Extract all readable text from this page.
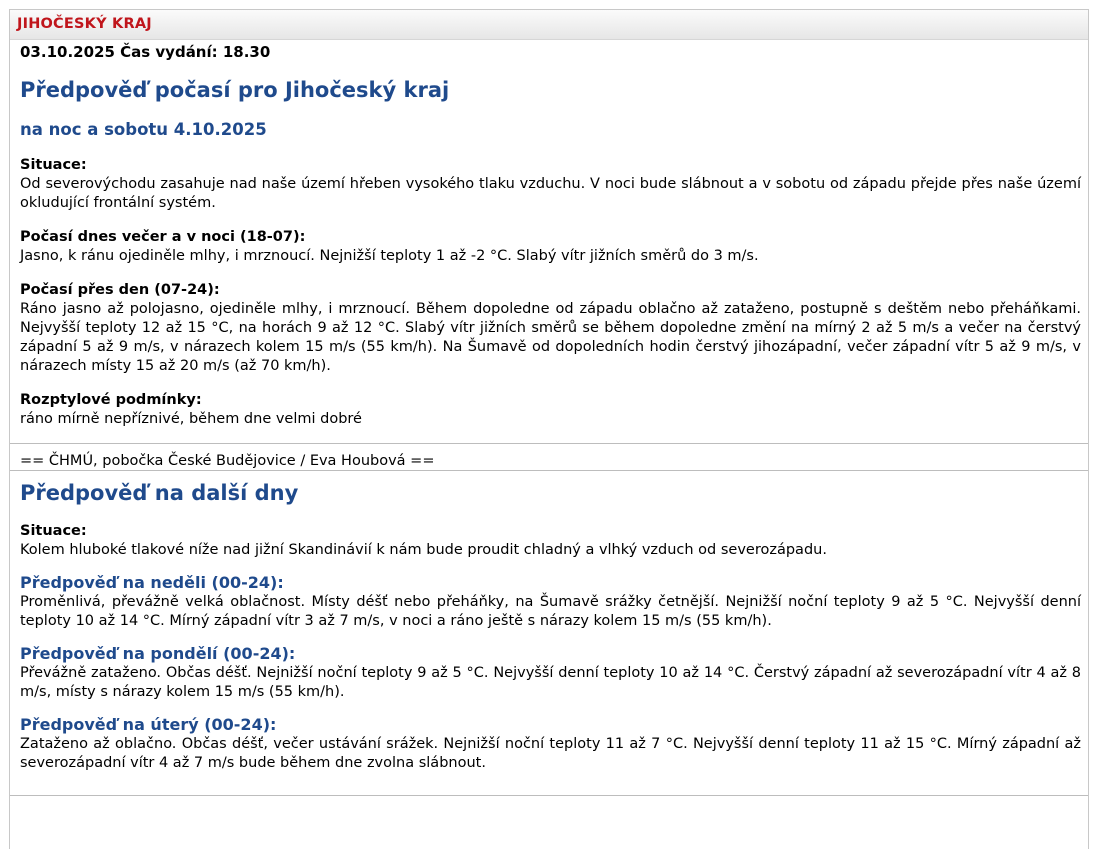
JIHOČESKÝ KRAJ
03.10.2025 Čas vydání: 18.30
Předpověď počasí pro Jihočeský kraj
na noc a sobotu 4.10.2025
Situace:
Od severovýchodu zasahuje nad naše území hřeben vysokého tlaku vzduchu. V noci bude slábnout a v sobotu od západu přejde přes naše území okludující frontální systém.
Počasí dnes večer a v noci (18-07):
Jasno, k ránu ojediněle mlhy, i mrznoucí. Nejnižší teploty 1 až -2 °C. Slabý vítr jižních směrů do 3 m/s.
Počasí přes den (07-24):
Ráno jasno až polojasno, ojediněle mlhy, i mrznoucí. Během dopoledne od západu oblačno až zataženo, postupně s deštěm nebo přeháňkami. Nejvyšší teploty 12 až 15 °C, na horách 9 až 12 °C. Slabý vítr jižních směrů se během dopoledne změní na mírný 2 až 5 m/s a večer na čerstvý západní 5 až 9 m/s, v nárazech kolem 15 m/s (55 km/h). Na Šumavě od dopoledních hodin čerstvý jihozápadní, večer západní vítr 5 až 9 m/s, v nárazech místy 15 až 20 m/s (až 70 km/h).
Rozptylové podmínky:
ráno mírně nepříznivé, během dne velmi dobré
== ČHMÚ, pobočka České Budějovice / Eva Houbová ==
Předpověď na další dny
Situace:
Kolem hluboké tlakové níže nad jižní Skandinávií k nám bude proudit chladný a vlhký vzduch od severozápadu.
Předpověď na neděli (00-24):
Proměnlivá, převážně velká oblačnost. Místy déšť nebo přeháňky, na Šumavě srážky četnější. Nejnižší noční teploty 9 až 5 °C. Nejvyšší denní teploty 10 až 14 °C. Mírný západní vítr 3 až 7 m/s, v noci a ráno ještě s nárazy kolem 15 m/s (55 km/h).
Předpověď na pondělí (00-24):
Převážně zataženo. Občas déšť. Nejnižší noční teploty 9 až 5 °C. Nejvyšší denní teploty 10 až 14 °C. Čerstvý západní až severozápadní vítr 4 až 8 m/s, místy s nárazy kolem 15 m/s (55 km/h).
Předpověď na úterý (00-24):
Zataženo až oblačno. Občas déšť, večer ustávání srážek. Nejnižší noční teploty 11 až 7 °C. Nejvyšší denní teploty 11 až 15 °C. Mírný západní až severozápadní vítr 4 až 7 m/s bude během dne zvolna slábnout.
